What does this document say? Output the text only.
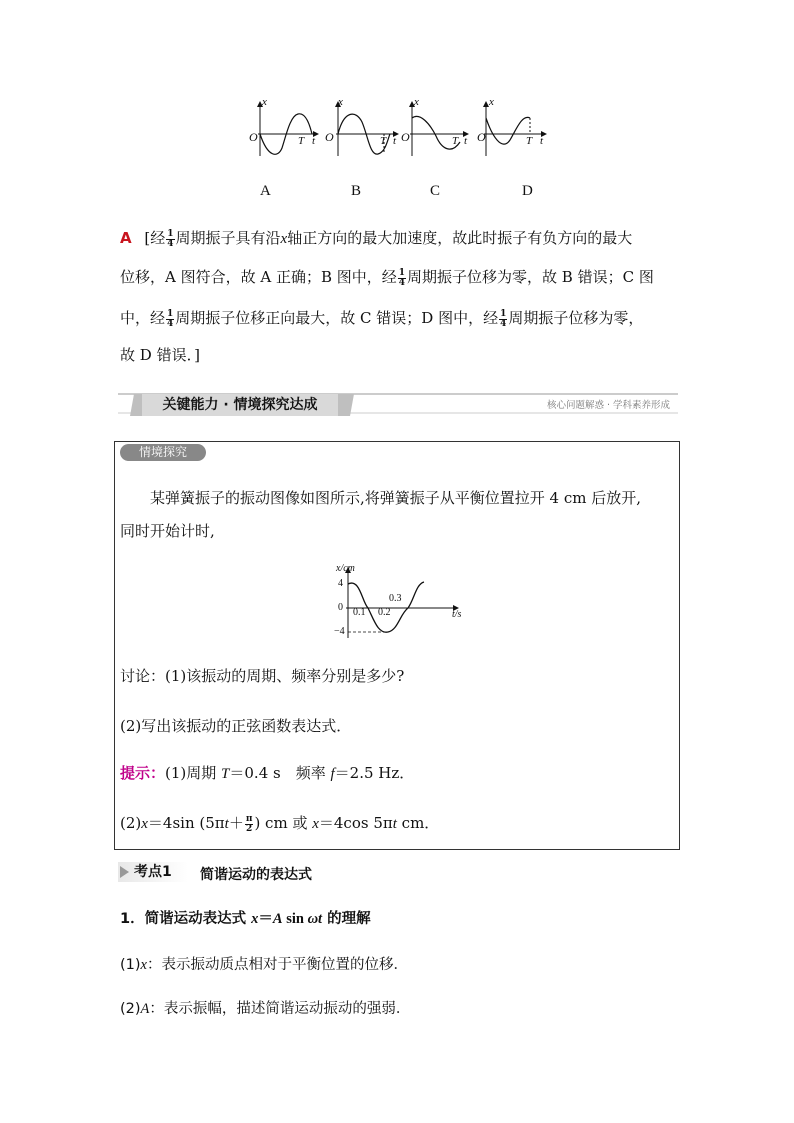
x	x	x	x
O	O	O	O
T t	T t	T t	T t
A	B	C	D
A [经 $\frac{1}{4}$ 周期振子具有沿x轴正方向的最大加速度，故此时振子有负方向的最大
位移，A 图符合，故 A 正确；B 图中，经 $\frac{1}{4}$ 周期振子位移为零，故 B 错误；C 图
中，经 $\frac{1}{4}$ 周期振子位移正向最大，故 C 错误；D 图中，经 $\frac{1}{4}$ 周期振子位移为零，
故 D 错误．]
关键能力 · 情境探究达成	核心问题解惑 · 学科素养形成
情境探究
某弹簧振子的振动图像如图所示,将弹簧振子从平衡位置拉开 4 cm 后放开,
同时开始计时,
x/cm
t/s
4
0
−4
0.1 0.2
0.3
讨论：(1)该振动的周期、频率分别是多少?
(2)写出该振动的正弦函数表达式．
提示：(1)周期 T＝0.4 s　频率 f＝2.5 Hz．
(2)x＝4sin ($5\pi t+ \frac{\pi}{2}$ ) cm 或 x＝4cos 5πt cm．
考点1 简谐运动的表达式
1．简谐运动表达式 x＝A sin ωt 的理解
(1)x：表示振动质点相对于平衡位置的位移．
(2)A：表示振幅，描述简谐运动振动的强弱．
